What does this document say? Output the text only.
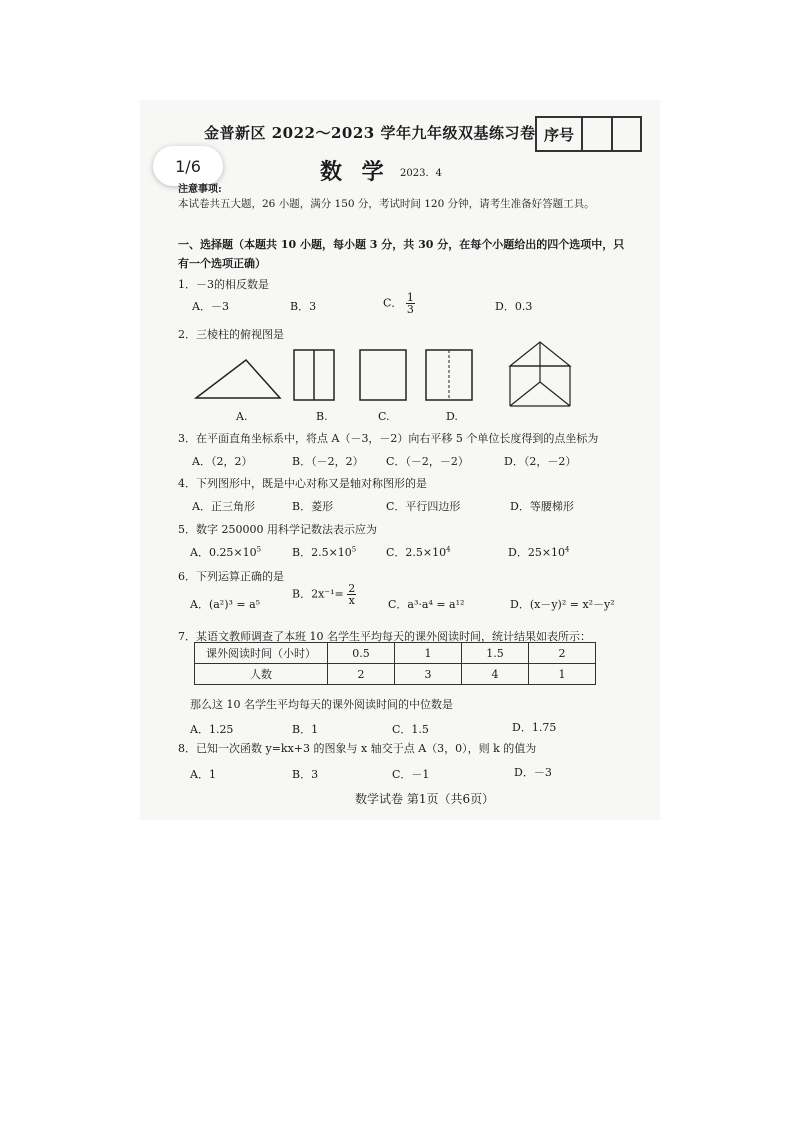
1/6
金普新区 2022～2023 学年九年级双基练习卷 序号
数 学 2023．4
注意事项:
本试卷共五大题，26 小题，满分 150 分，考试时间 120 分钟，请考生准备好答题工具。
一、选择题（本题共 10 小题，每小题 3 分，共 30 分，在每个小题给出的四个选项中，只
有一个选项正确）
1．－3的相反数是
A．－3	B．3	C． $\frac{1}{3}$	D．0.3
2．三棱柱的俯视图是
A.	B.	C.	D.
3．在平面直角坐标系中，将点 A（－3，－2）向右平移 5 个单位长度得到的点坐标为
A．（2，2）	B．（－2，2） C．（－2，－2）	D．（2，－2）
4．下列图形中，既是中心对称又是轴对称图形的是
A．正三角形	B．菱形	C．平行四边形	D．等腰梯形
5．数字 250000 用科学记数法表示应为
A．$0.25\times 10^5$	B．$2.5\times 10^5$	C．$2.5\times 10^4$	D．$25\times 10^4$
6．下列运算正确的是
A．(a²)³ = a⁵
B．$2x^{-1}= \frac{2}{x}$	C．a³·a⁴ = a¹²	D．(x－y)² = x²－y²
7．某语文教师调查了本班 10 名学生平均每天的课外阅读时间，统计结果如表所示：
课外阅读时间（小时）	0.5	1	1.5	2
人数	2	3	4	1
那么这 10 名学生平均每天的课外阅读时间的中位数是
A．1.25	B．1	C．1.5	D．1.75
8．已知一次函数 y=kx+3 的图象与 x 轴交于点 A（3，0），则 k 的值为
A．1	B．3	C．－1	D．－3
数学试卷 第1页（共6页）
